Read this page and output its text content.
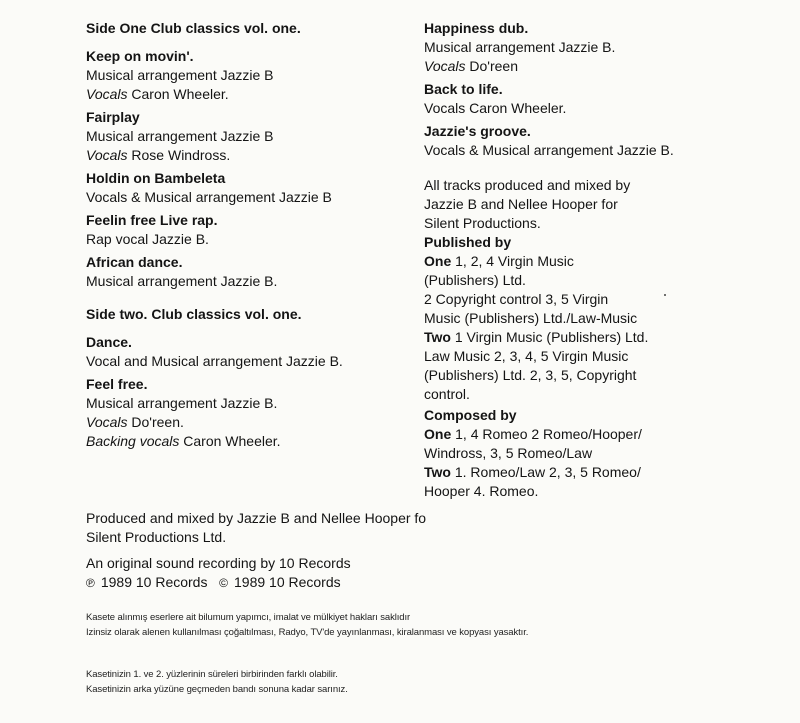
Side One Club classics vol. one.
Keep on movin'.
Musical arrangement Jazzie B
Vocals Caron Wheeler.
Fairplay
Musical arrangement Jazzie B
Vocals Rose Windross.
Holdin on Bambeleta
Vocals & Musical arrangement Jazzie B
Feelin free Live rap.
Rap vocal Jazzie B.
African dance.
Musical arrangement Jazzie B.
Side two. Club classics vol. one.
Dance.
Vocal and Musical arrangement Jazzie B.
Feel free.
Musical arrangement Jazzie B.
Vocals Do'reen.
Backing vocals Caron Wheeler.
Happiness dub.
Musical arrangement Jazzie B.
Vocals Do'reen
Back to life.
Vocals Caron Wheeler.
Jazzie's groove.
Vocals & Musical arrangement Jazzie B.
All tracks produced and mixed by
Jazzie B and Nellee Hooper for
Silent Productions.
Published by
One 1, 2, 4 Virgin Music
(Publishers) Ltd.
2 Copyright control 3, 5 Virgin
Music (Publishers) Ltd./Law-Music
Two 1 Virgin Music (Publishers) Ltd.
Law Music 2, 3, 4, 5 Virgin Music
(Publishers) Ltd. 2, 3, 5, Copyright
control.
Composed by
One 1, 4 Romeo 2 Romeo/Hooper/
Windross, 3, 5 Romeo/Law
Two 1. Romeo/Law 2, 3, 5 Romeo/
Hooper 4. Romeo.
Produced and mixed by Jazzie B and Nellee Hooper fo
Silent Productions Ltd.
An original sound recording by 10 Records
℗ 1989 10 Records © 1989 10 Records
Kasete alınmış eserlere ait bilumum yapımcı, imalat ve mülkiyet hakları saklıdır
Izinsiz olarak alenen kullanılması çoğaltılması, Radyo, TV'de yayınlanması, kiralanması ve kopyası yasaktır.
Kasetinizin 1. ve 2. yüzlerinin süreleri birbirinden farklı olabilir.
Kasetinizin arka yüzüne geçmeden bandı sonuna kadar sarınız.
